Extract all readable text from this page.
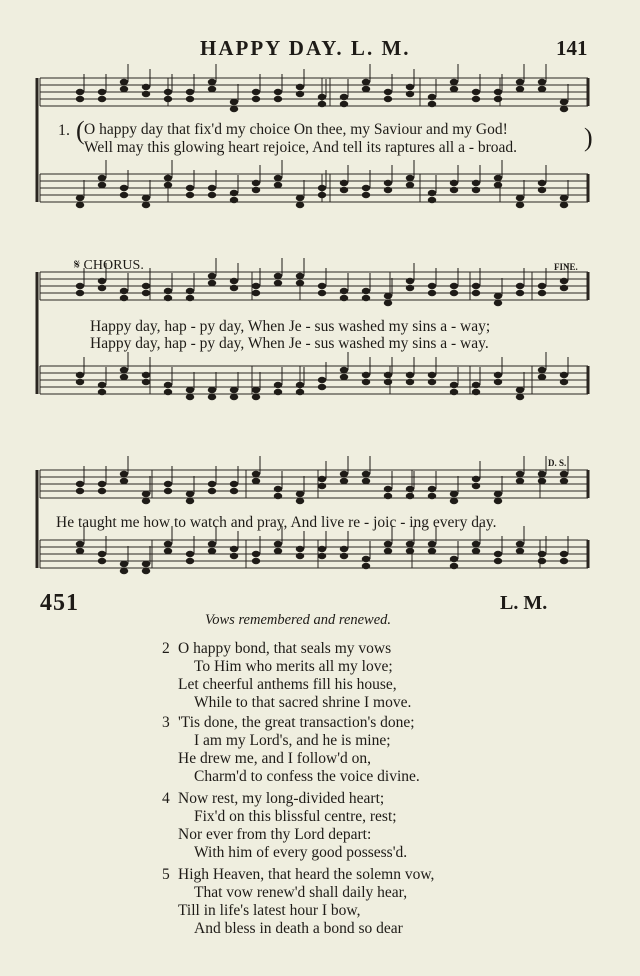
HAPPY DAY. L. M.	141
1. ( O happy day that fix'd my choice On thee, my Saviour and my God!
Well may this glowing heart rejoice, And tell its raptures all a - broad.	)
𝄋 CHORUS.	FINE.
Happy day, hap - py day, When Je - sus washed my sins a - way;
Happy day, hap - py day, When Je - sus washed my sins a - way.
D. S.
He taught me how to watch and pray, And live re - joic - ing every day.
451	L. M.
Vows remembered and renewed.
2 O happy bond, that seals my vows
To Him who merits all my love;
Let cheerful anthems fill his house,
While to that sacred shrine I move.
3 'Tis done, the great transaction's done;
I am my Lord's, and he is mine;
He drew me, and I follow'd on,
Charm'd to confess the voice divine.
4 Now rest, my long-divided heart;
Fix'd on this blissful centre, rest;
Nor ever from thy Lord depart:
With him of every good possess'd.
5 High Heaven, that heard the solemn vow,
That vow renew'd shall daily hear,
Till in life's latest hour I bow,
And bless in death a bond so dear
